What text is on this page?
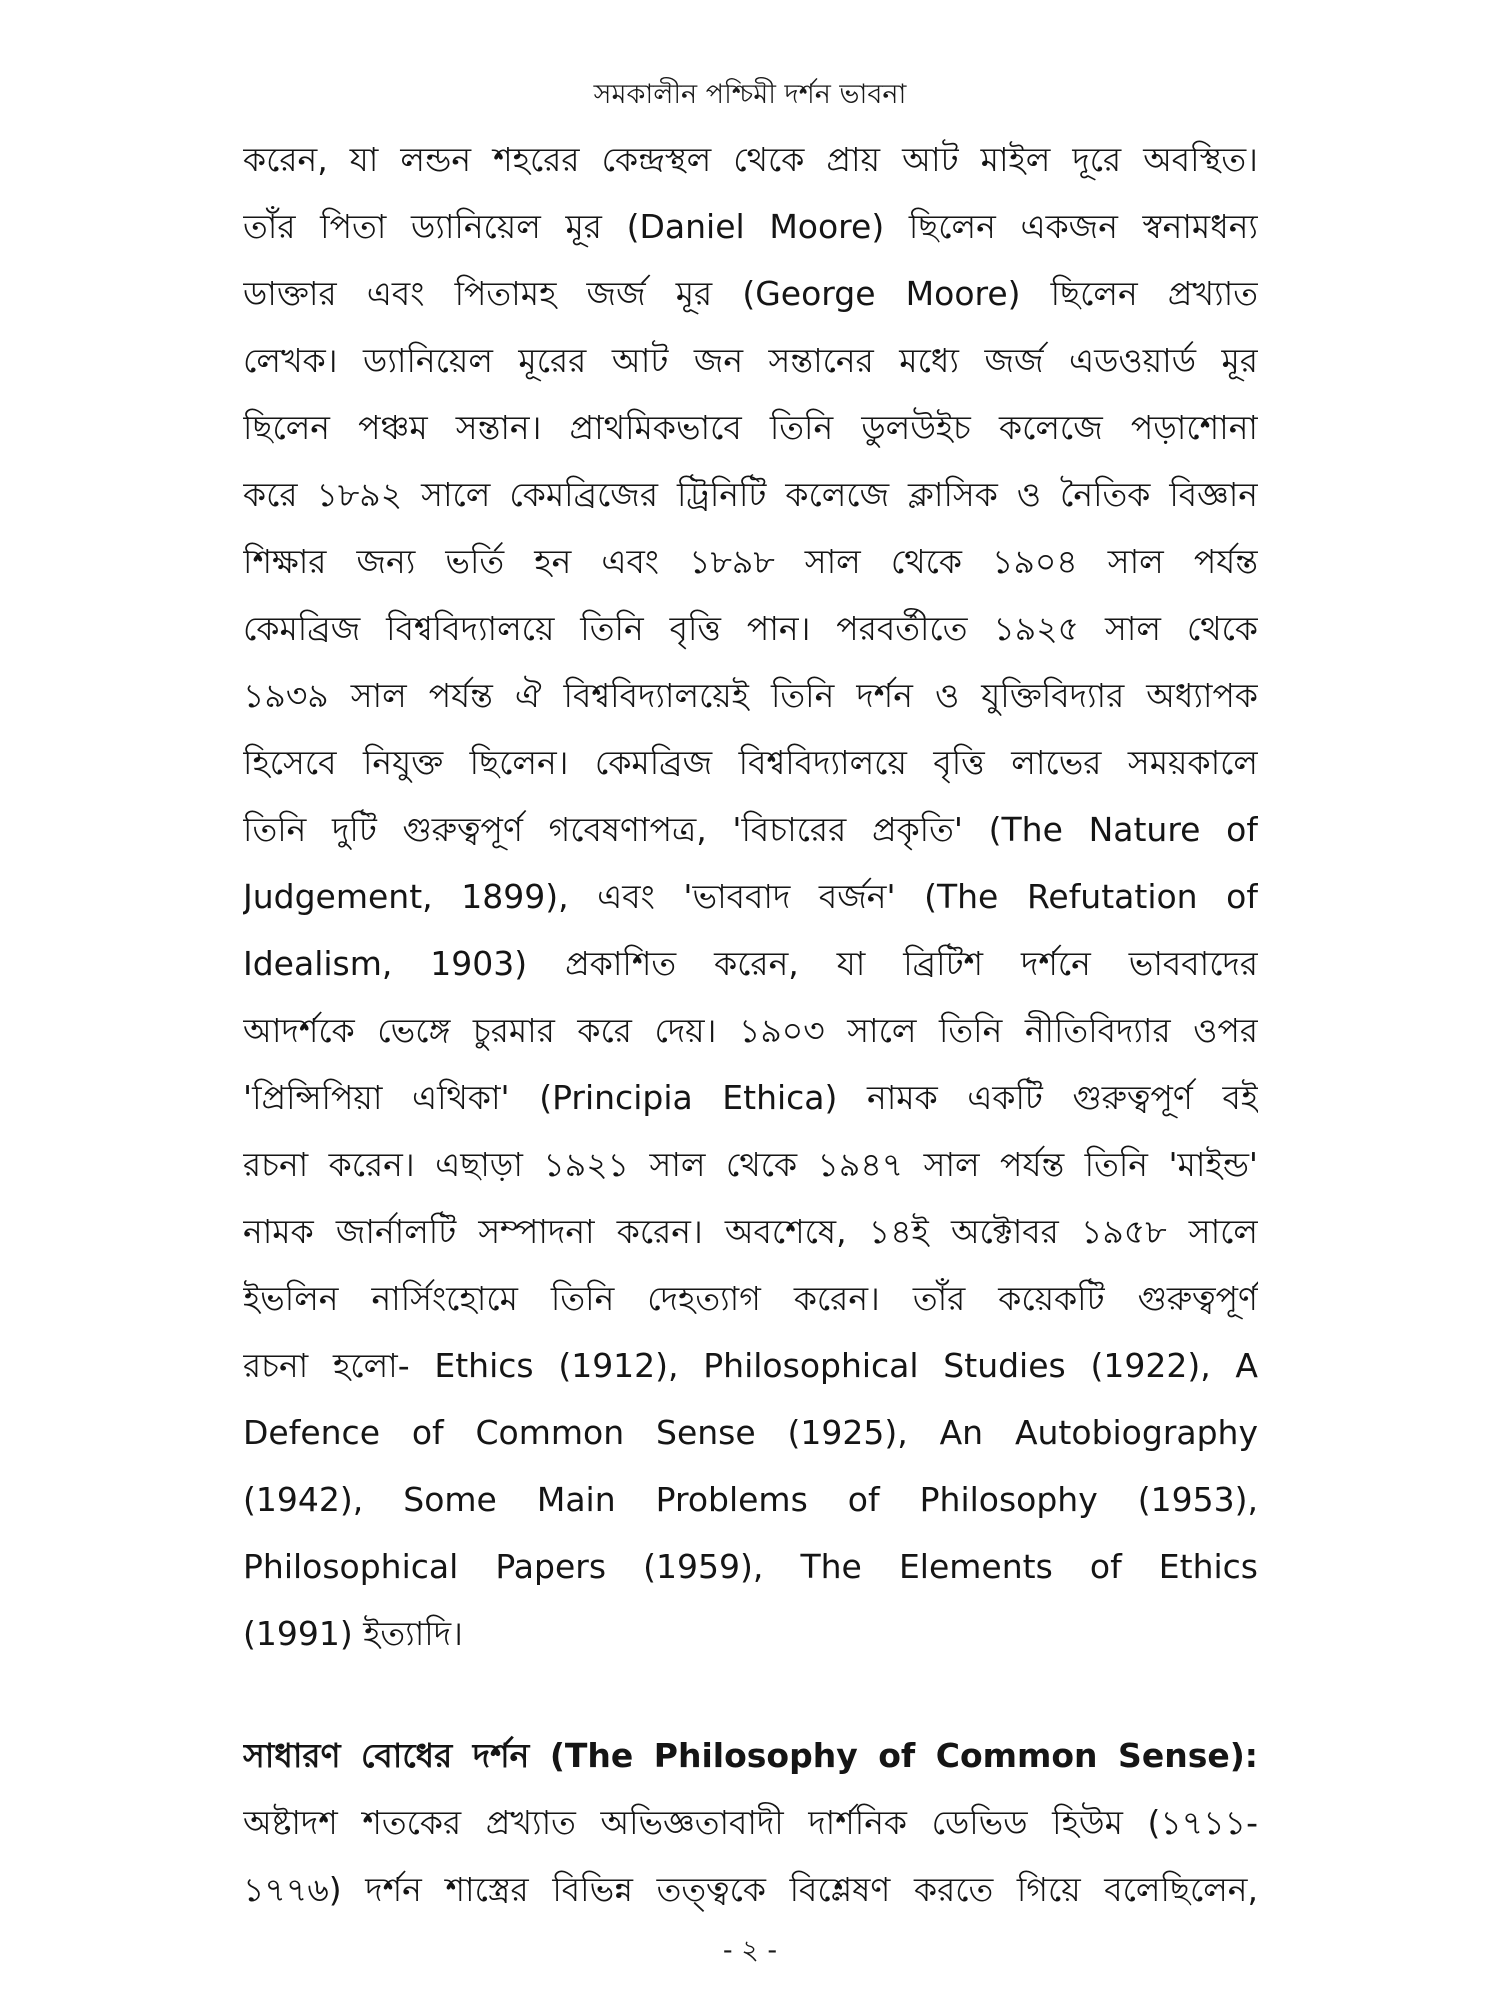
সমকালীন পশ্চিমী দর্শন ভাবনা
করেন, যা লন্ডন শহরের কেন্দ্রস্থল থেকে প্রায় আট মাইল দূরে অবস্থিত।
তাঁর পিতা ড্যানিয়েল মূর (Daniel Moore) ছিলেন একজন স্বনামধন্য
ডাক্তার এবং পিতামহ জর্জ মূর (George Moore) ছিলেন প্রখ্যাত
লেখক। ড্যানিয়েল মূরের আট জন সন্তানের মধ্যে জর্জ এডওয়ার্ড মূর
ছিলেন পঞ্চম সন্তান। প্রাথমিকভাবে তিনি ডুলউইচ কলেজে পড়াশোনা
করে ১৮৯২ সালে কেমব্রিজের ট্রিনিটি কলেজে ক্লাসিক ও নৈতিক বিজ্ঞান
শিক্ষার জন্য ভর্তি হন এবং ১৮৯৮ সাল থেকে ১৯০৪ সাল পর্যন্ত
কেমব্রিজ বিশ্ববিদ্যালয়ে তিনি বৃত্তি পান। পরবর্তীতে ১৯২৫ সাল থেকে
১৯৩৯ সাল পর্যন্ত ঐ বিশ্ববিদ্যালয়েই তিনি দর্শন ও যুক্তিবিদ্যার অধ্যাপক
হিসেবে নিযুক্ত ছিলেন। কেমব্রিজ বিশ্ববিদ্যালয়ে বৃত্তি লাভের সময়কালে
তিনি দুটি গুরুত্বপূর্ণ গবেষণাপত্র, 'বিচারের প্রকৃতি' (The Nature of
Judgement, 1899), এবং 'ভাববাদ বর্জন' (The Refutation of
Idealism, 1903) প্রকাশিত করেন, যা ব্রিটিশ দর্শনে ভাববাদের
আদর্শকে ভেঙ্গে চুরমার করে দেয়। ১৯০৩ সালে তিনি নীতিবিদ্যার ওপর
'প্রিন্সিপিয়া এথিকা' (Principia Ethica) নামক একটি গুরুত্বপূর্ণ বই
রচনা করেন। এছাড়া ১৯২১ সাল থেকে ১৯৪৭ সাল পর্যন্ত তিনি 'মাইন্ড'
নামক জার্নালটি সম্পাদনা করেন। অবশেষে, ১৪ই অক্টোবর ১৯৫৮ সালে
ইভলিন নার্সিংহোমে তিনি দেহত্যাগ করেন। তাঁর কয়েকটি গুরুত্বপূর্ণ
রচনা হলো- Ethics (1912), Philosophical Studies (1922), A
Defence of Common Sense (1925), An Autobiography
(1942), Some Main Problems of Philosophy (1953),
Philosophical Papers (1959), The Elements of Ethics
(1991) ইত্যাদি।
সাধারণ বোধের দর্শন (The Philosophy of Common Sense):
অষ্টাদশ শতকের প্রখ্যাত অভিজ্ঞতাবাদী দার্শনিক ডেভিড হিউম (১৭১১-
১৭৭৬) দর্শন শাস্ত্রের বিভিন্ন তত্ত্বকে বিশ্লেষণ করতে গিয়ে বলেছিলেন,
- ২ -
